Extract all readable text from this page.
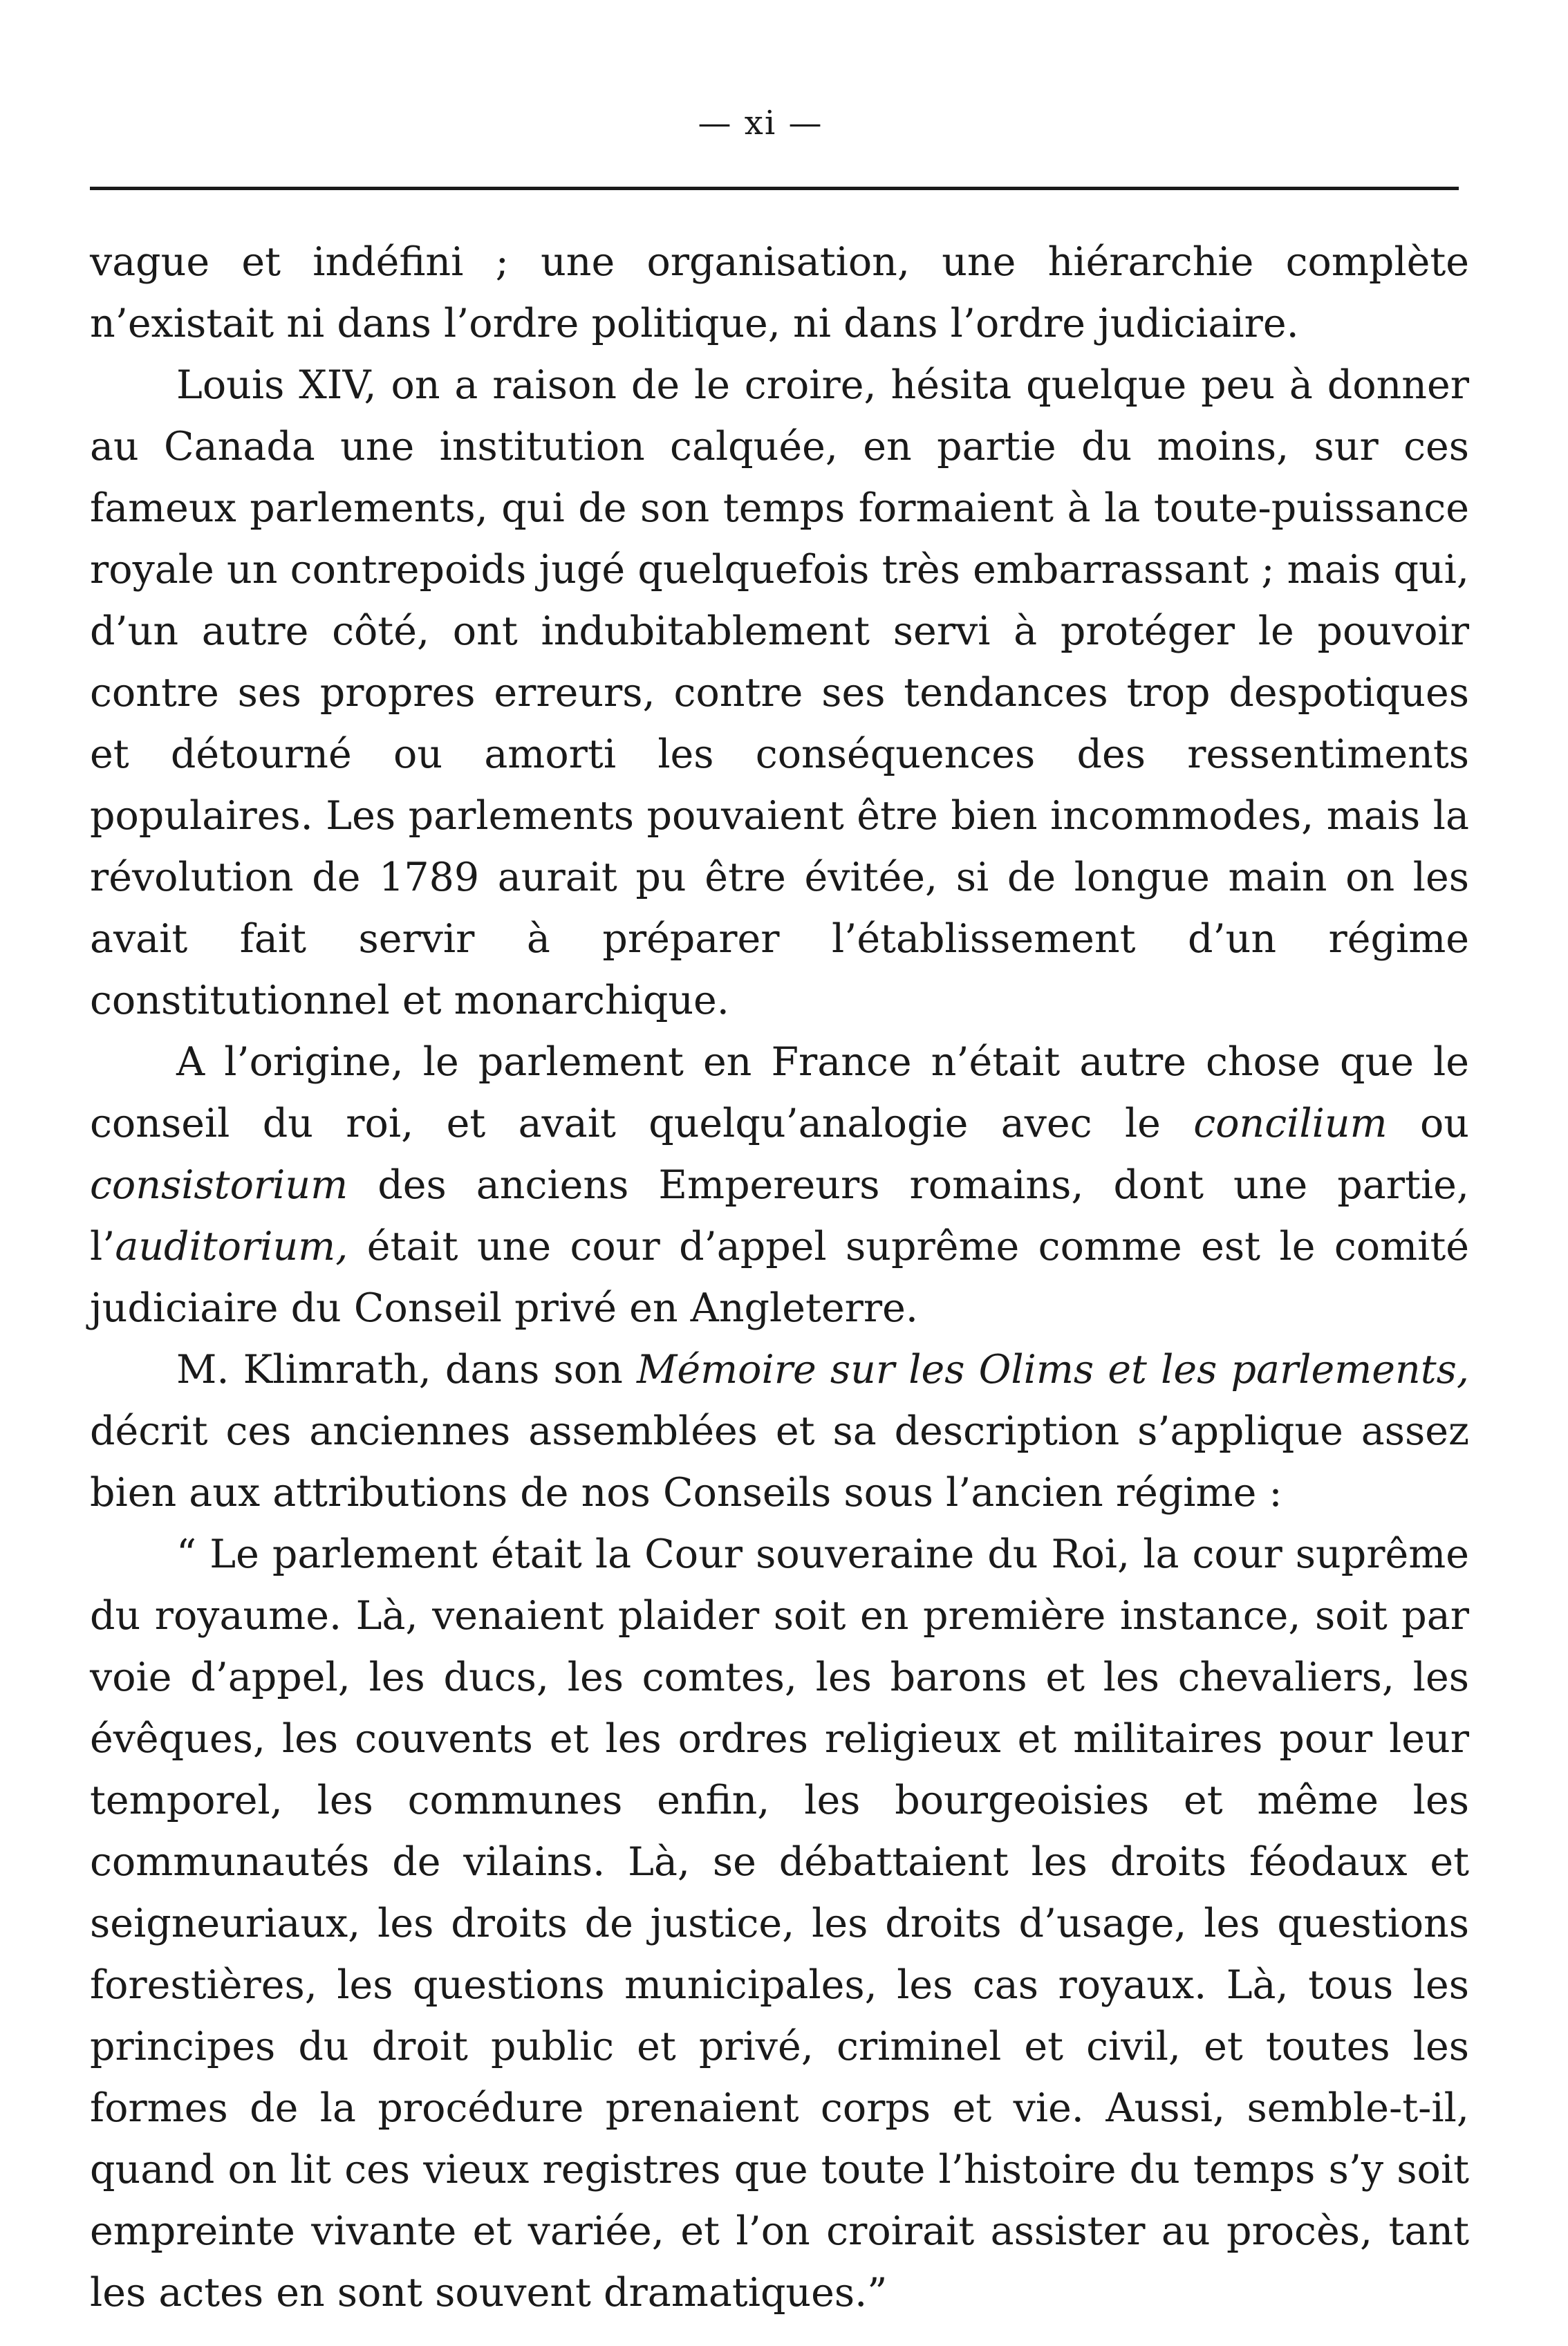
— xi —

vague et indéfini ; une organisation, une hiérarchie complète n’existait ni dans l’ordre politique, ni dans l’ordre judiciaire.

Louis XIV, on a raison de le croire, hésita quelque peu à donner au Canada une institution calquée, en partie du moins, sur ces fameux parlements, qui de son temps formaient à la toute-puissance royale un contrepoids jugé quelquefois très embarrassant ; mais qui, d’un autre côté, ont indubitablement servi à protéger le pouvoir contre ses propres erreurs, contre ses tendances trop despotiques et détourné ou amorti les conséquences des ressentiments populaires. Les parlements pouvaient être bien incommodes, mais la révolution de 1789 aurait pu être évitée, si de longue main on les avait fait servir à préparer l’établissement d’un régime constitutionnel et monarchique.

A l’origine, le parlement en France n’était autre chose que le conseil du roi, et avait quelqu’analogie avec le concilium ou consistorium des anciens Empereurs romains, dont une partie, l’auditorium, était une cour d’appel suprême comme est le comité judiciaire du Conseil privé en Angleterre.

M. Klimrath, dans son Mémoire sur les Olims et les parlements, décrit ces anciennes assemblées et sa description s’applique assez bien aux attributions de nos Conseils sous l’ancien régime :

“ Le parlement était la Cour souveraine du Roi, la cour suprême du royaume. Là, venaient plaider soit en première instance, soit par voie d’appel, les ducs, les comtes, les barons et les chevaliers, les évêques, les couvents et les ordres religieux et militaires pour leur temporel, les communes enfin, les bourgeoisies et même les communautés de vilains. Là, se débattaient les droits féodaux et seigneuriaux, les droits de justice, les droits d’usage, les questions forestières, les questions municipales, les cas royaux. Là, tous les principes du droit public et privé, criminel et civil, et toutes les formes de la procédure prenaient corps et vie. Aussi, semble-t-il, quand on lit ces vieux registres que toute l’histoire du temps s’y soit empreinte vivante et variée, et l’on croirait assister au procès, tant les actes en sont souvent dramatiques.”
